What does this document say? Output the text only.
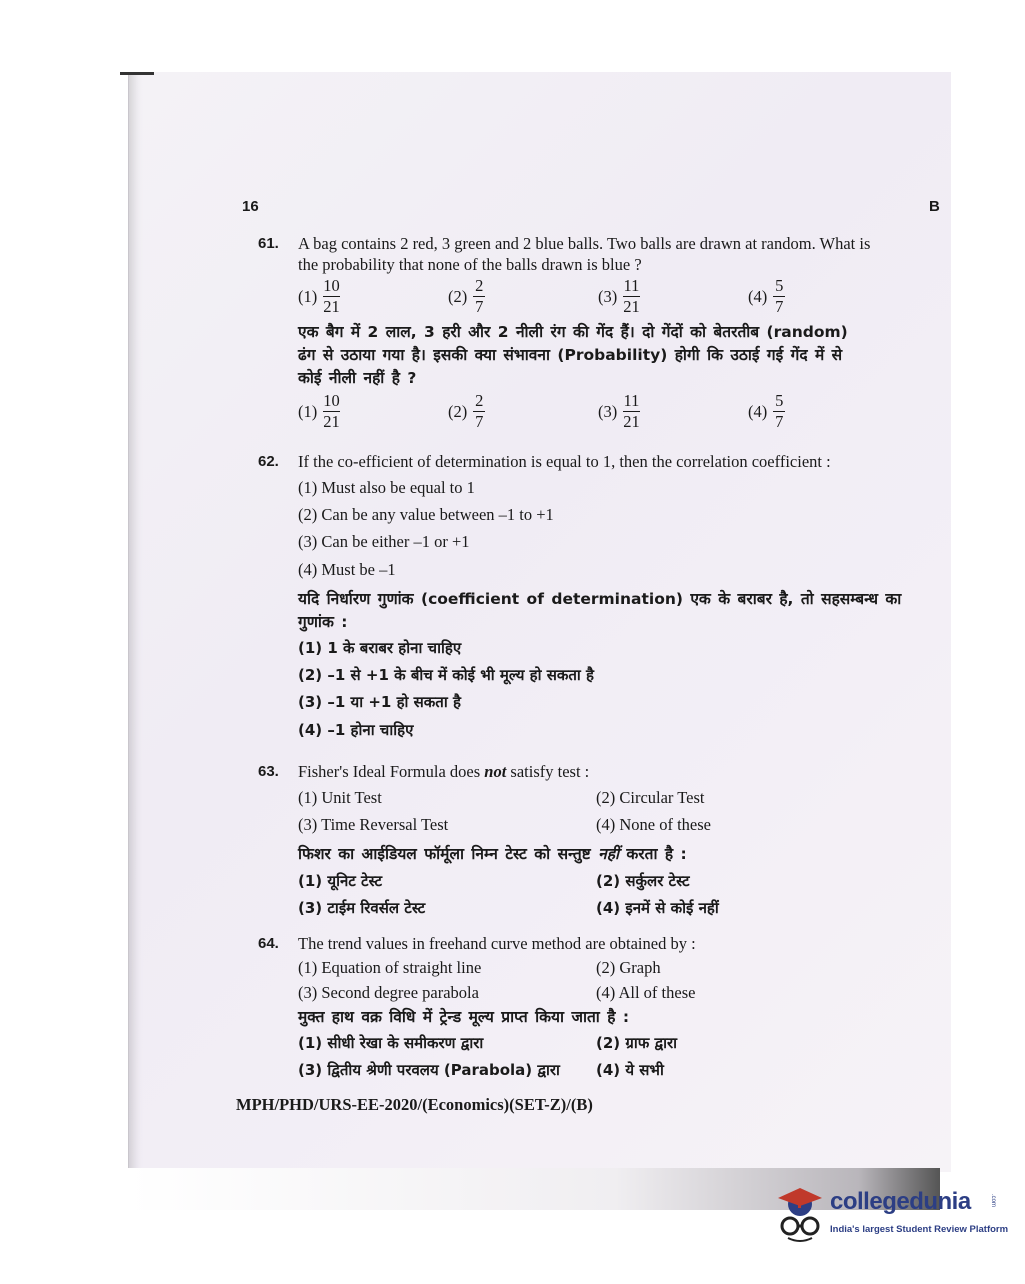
16	B
61. A bag contains 2 red, 3 green and 2 blue balls. Two balls are drawn at random. What is
the probability that none of the balls drawn is blue ?
$(1) \frac{10}{21}$	$(2) \frac{2}{7}$	$(3) \frac{11}{21}$	$(4) \frac{5}{7}$
एक बैग में 2 लाल, 3 हरी और 2 नीली रंग की गेंद हैं। दो गेंदों को बेतरतीब (random)
ढंग से उठाया गया है। इसकी क्या संभावना (Probability) होगी कि उठाई गई गेंद में से
कोई नीली नहीं है ?
$(1) \frac{10}{21}$	$(2) \frac{2}{7}$	$(3) \frac{11}{21}$	$(4) \frac{5}{7}$
62. If the co-efficient of determination is equal to 1, then the correlation coefficient :
(1) Must also be equal to 1
(2) Can be any value between –1 to +1
(3) Can be either –1 or +1
(4) Must be –1
यदि निर्धारण गुणांक (coefficient of determination) एक के बराबर है, तो सहसम्बन्ध का
गुणांक :
(1) 1 के बराबर होना चाहिए
(2) –1 से +1 के बीच में कोई भी मूल्य हो सकता है
(3) –1 या +1 हो सकता है
(4) –1 होना चाहिए
63. Fisher's Ideal Formula does not satisfy test :
(1) Unit Test	(2) Circular Test
(3) Time Reversal Test	(4) None of these
फिशर का आईडियल फॉर्मूला निम्न टेस्ट को सन्तुष्ट नहीं करता है :
(1) यूनिट टेस्ट	(2) सर्कुलर टेस्ट
(3) टाईम रिवर्सल टेस्ट	(4) इनमें से कोई नहीं
64. The trend values in freehand curve method are obtained by :
(1) Equation of straight line	(2) Graph
(3) Second degree parabola	(4) All of these
मुक्त हाथ वक्र विधि में ट्रेन्ड मूल्य प्राप्त किया जाता है :
(1) सीधी रेखा के समीकरण द्वारा	(2) ग्राफ द्वारा
(3) द्वितीय श्रेणी परवलय (Parabola) द्वारा (4) ये सभी
MPH/PHD/URS-EE-2020/(Economics)(SET-Z)/(B)
collegedunia	.com
India's largest Student Review Platform
